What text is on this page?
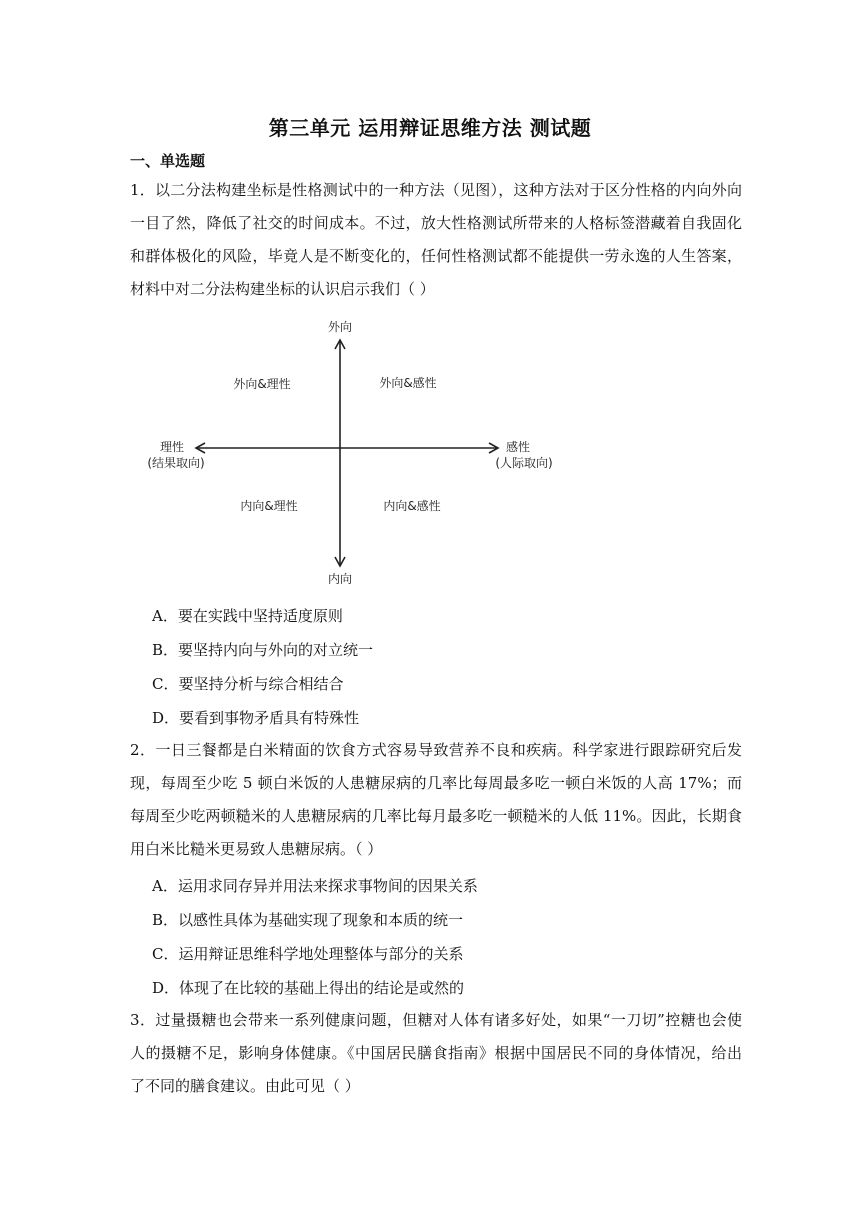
第三单元 运用辩证思维方法 测试题
一、单选题
1．以二分法构建坐标是性格测试中的一种方法（见图），这种方法对于区分性格的内向外向
一目了然，降低了社交的时间成本。不过，放大性格测试所带来的人格标签潜藏着自我固化
和群体极化的风险，毕竟人是不断变化的，任何性格测试都不能提供一劳永逸的人生答案，
材料中对二分法构建坐标的认识启示我们（ ）
外向
内向
理性
(结果取向)
感性
(人际取向)
外向&理性	外向&感性
内向&理性	内向&感性
A．要在实践中坚持适度原则
B．要坚持内向与外向的对立统一
C．要坚持分析与综合相结合
D．要看到事物矛盾具有特殊性
2．一日三餐都是白米精面的饮食方式容易导致营养不良和疾病。科学家进行跟踪研究后发
现，每周至少吃 5 顿白米饭的人患糖尿病的几率比每周最多吃一顿白米饭的人高 17%；而
每周至少吃两顿糙米的人患糖尿病的几率比每月最多吃一顿糙米的人低 11%。因此，长期食
用白米比糙米更易致人患糖尿病。（ ）
A．运用求同存异并用法来探求事物间的因果关系
B．以感性具体为基础实现了现象和本质的统一
C．运用辩证思维科学地处理整体与部分的关系
D．体现了在比较的基础上得出的结论是或然的
3．过量摄糖也会带来一系列健康问题，但糖对人体有诸多好处，如果“一刀切”控糖也会使
人的摄糖不足，影响身体健康。《中国居民膳食指南》根据中国居民不同的身体情况，给出
了不同的膳食建议。由此可见（ ）
